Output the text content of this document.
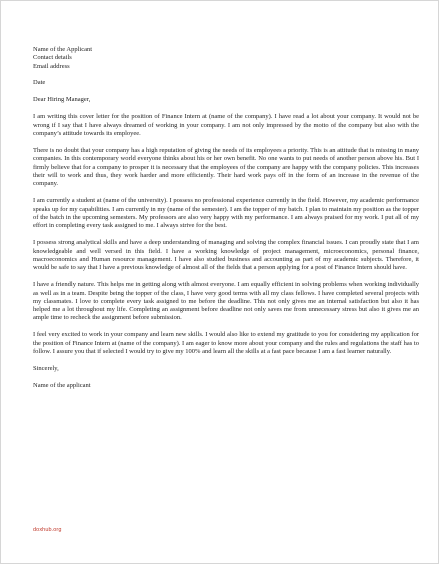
Name of the Applicant
Contact details
Email address
Date
Dear Hiring Manager,

I am writing this cover letter for the position of Finance Intern at (name of the company). I have read a lot about your company. It would not be wrong if I say that I have always dreamed of working in your company. I am not only impressed by the motto of the company but also with the company’s attitude towards its employee.

There is no doubt that your company has a high reputation of giving the needs of its employees a priority. This is an attitude that is missing in many companies. In this contemporary world everyone thinks about his or her own benefit. No one wants to put needs of another person above his. But I firmly believe that for a company to prosper it is necessary that the employees of the company are happy with the company policies. This increases their will to work and thus, they work harder and more efficiently. Their hard work pays off in the form of an increase in the revenue of the company.

I am currently a student at (name of the university). I possess no professional experience currently in the field. However, my academic performance speaks up for my capabilities. I am currently in my (name of the semester). I am the topper of my batch. I plan to maintain my position as the topper of the batch in the upcoming semesters. My professors are also very happy with my performance. I am always praised for my work. I put all of my effort in completing every task assigned to me. I always strive for the best.

I possess strong analytical skills and have a deep understanding of managing and solving the complex financial issues. I can proudly state that I am knowledgeable and well versed in this field. I have a working knowledge of project management, microeconomics, personal finance, macroeconomics and Human resource management. I have also studied business and accounting as part of my academic subjects. Therefore, it would be safe to say that I have a previous knowledge of almost all of the fields that a person applying for a post of Finance Intern should have.

I have a friendly nature. This helps me in getting along with almost everyone. I am equally efficient in solving problems when working individually as well as in a team. Despite being the topper of the class, I have very good terms with all my class fellows. I have completed several projects with my classmates. I love to complete every task assigned to me before the deadline. This not only gives me an internal satisfaction but also it has helped me a lot throughout my life. Completing an assignment before deadline not only saves me from unnecessary stress but also it gives me an ample time to recheck the assignment before submission.

I feel very excited to work in your company and learn new skills. I would also like to extend my gratitude to you for considering my application for the position of Finance Intern at (name of the company). I am eager to know more about your company and the rules and regulations the staff has to follow. I assure you that if selected I would try to give my 100% and learn all the skills at a fast pace because I am a fast learner naturally.

Sincerely,
Name of the applicant
doxhub.org
